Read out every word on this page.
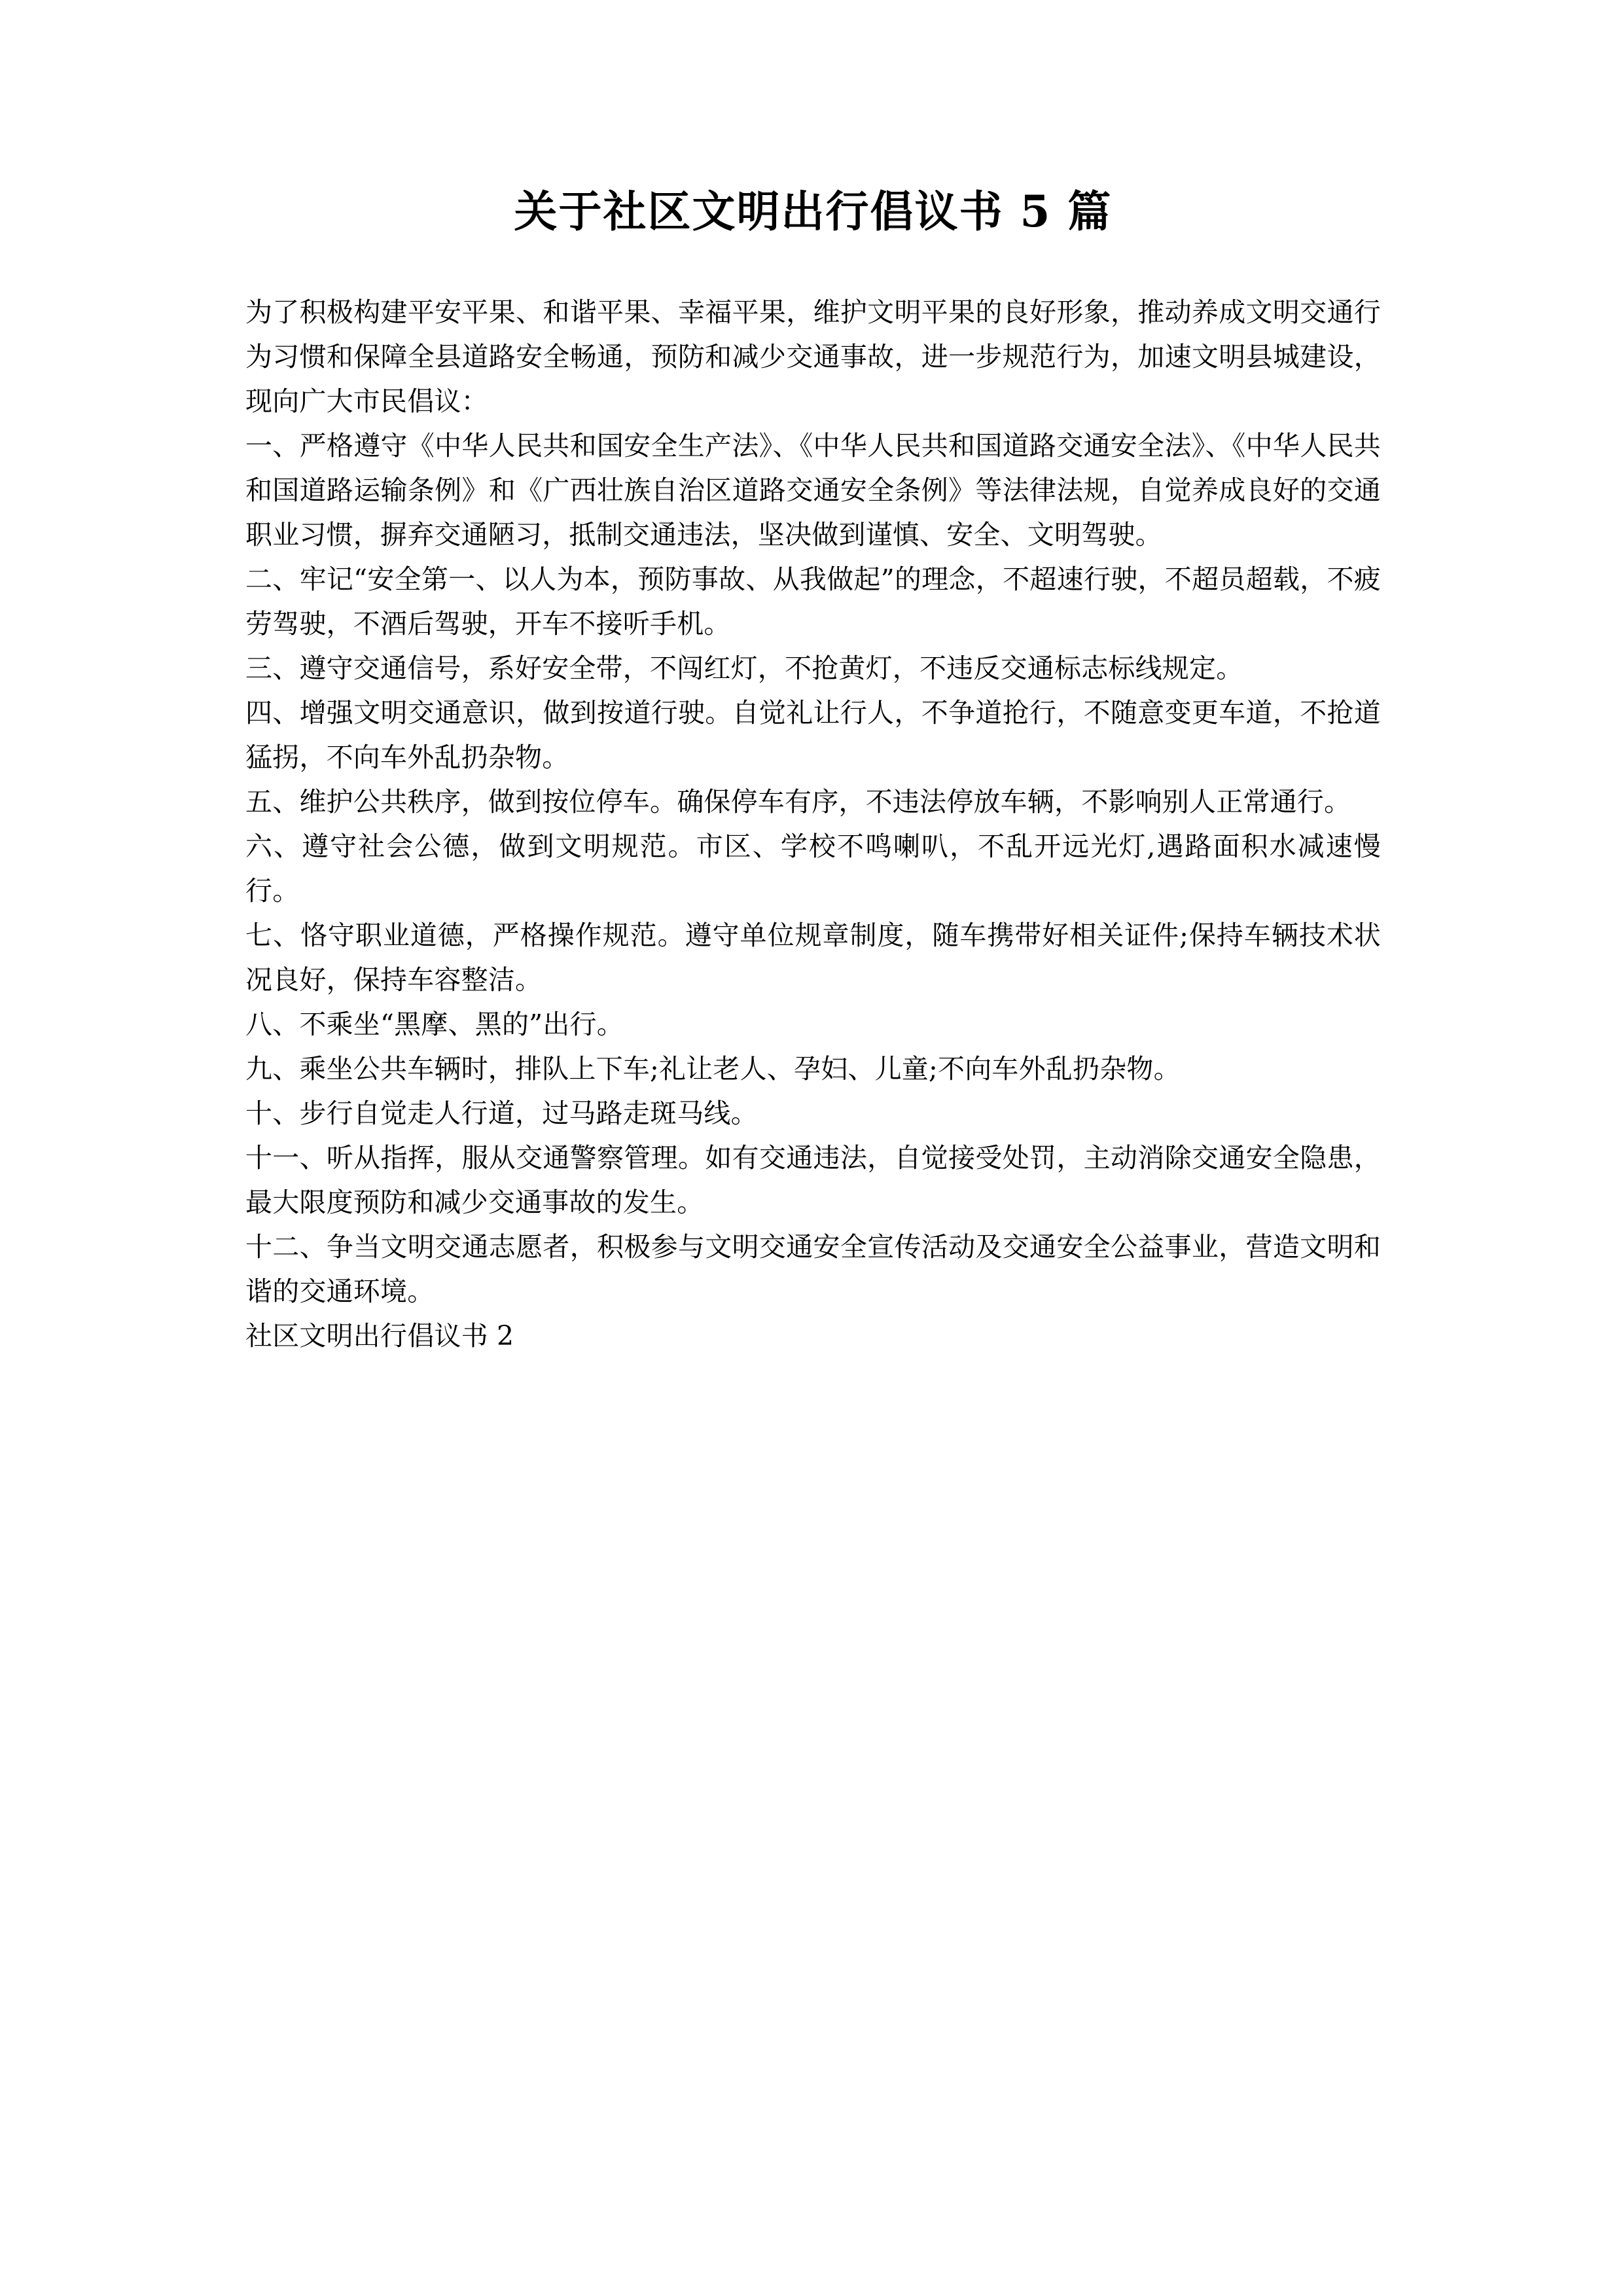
关于社区文明出行倡议书 5 篇

为了积极构建平安平果、和谐平果、幸福平果，维护文明平果的良好形象，推动养成文明交通行为习惯和保障全县道路安全畅通，预防和减少交通事故，进一步规范行为，加速文明县城建设，现向广大市民倡议：

一、严格遵守《中华人民共和国安全生产法》、《中华人民共和国道路交通安全法》、《中华人民共和国道路运输条例》和《广西壮族自治区道路交通安全条例》等法律法规，自觉养成良好的交通职业习惯，摒弃交通陋习，抵制交通违法，坚决做到谨慎、安全、文明驾驶。

二、牢记“安全第一、以人为本，预防事故、从我做起”的理念，不超速行驶，不超员超载，不疲劳驾驶，不酒后驾驶，开车不接听手机。

三、遵守交通信号，系好安全带，不闯红灯，不抢黄灯，不违反交通标志标线规定。

四、增强文明交通意识，做到按道行驶。自觉礼让行人，不争道抢行，不随意变更车道，不抢道猛拐，不向车外乱扔杂物。

五、维护公共秩序，做到按位停车。确保停车有序，不违法停放车辆，不影响别人正常通行。

六、遵守社会公德，做到文明规范。市区、学校不鸣喇叭，不乱开远光灯,遇路面积水减速慢行。

七、恪守职业道德，严格操作规范。遵守单位规章制度，随车携带好相关证件;保持车辆技术状况良好，保持车容整洁。

八、不乘坐“黑摩、黑的”出行。

九、乘坐公共车辆时，排队上下车;礼让老人、孕妇、儿童;不向车外乱扔杂物。

十、步行自觉走人行道，过马路走斑马线。

十一、听从指挥，服从交通警察管理。如有交通违法，自觉接受处罚，主动消除交通安全隐患，最大限度预防和减少交通事故的发生。

十二、争当文明交通志愿者，积极参与文明交通安全宣传活动及交通安全公益事业，营造文明和谐的交通环境。

社区文明出行倡议书 2
